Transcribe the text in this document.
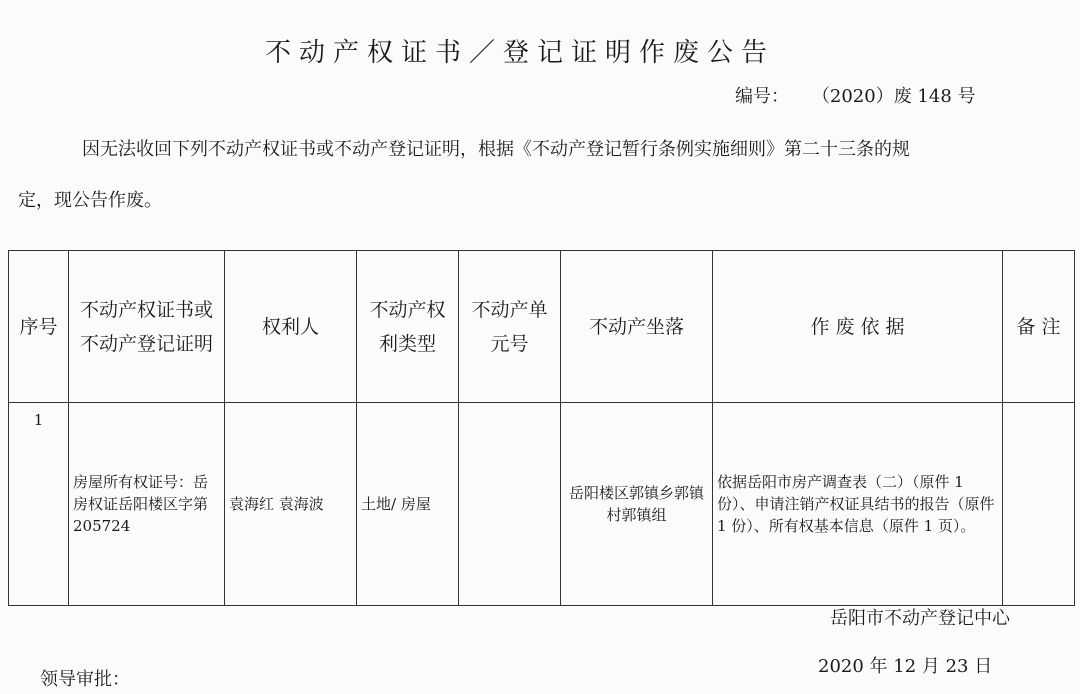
不动产权证书／登记证明作废公告
编号： （2020）废 148 号
因无法收回下列不动产权证书或不动产登记证明，根据《不动产登记暂行条例实施细则》第二十三条的规
定，现公告作废。
序号	不动产权证书或不动产登记证明	权利人	不动产权利类型	不动产单元号	不动产坐落	作 废 依 据	备 注
1	房屋所有权证号：岳房权证岳阳楼区字第 205724	袁海红 袁海波	土地/ 房屋		岳阳楼区郭镇乡郭镇村郭镇组	依据岳阳市房产调查表（二）（原件 1 份）、申请注销产权证具结书的报告（原件 1 份）、所有权基本信息（原件 1 页）。	
岳阳市不动产登记中心
2020 年 12 月 23 日
领导审批：
